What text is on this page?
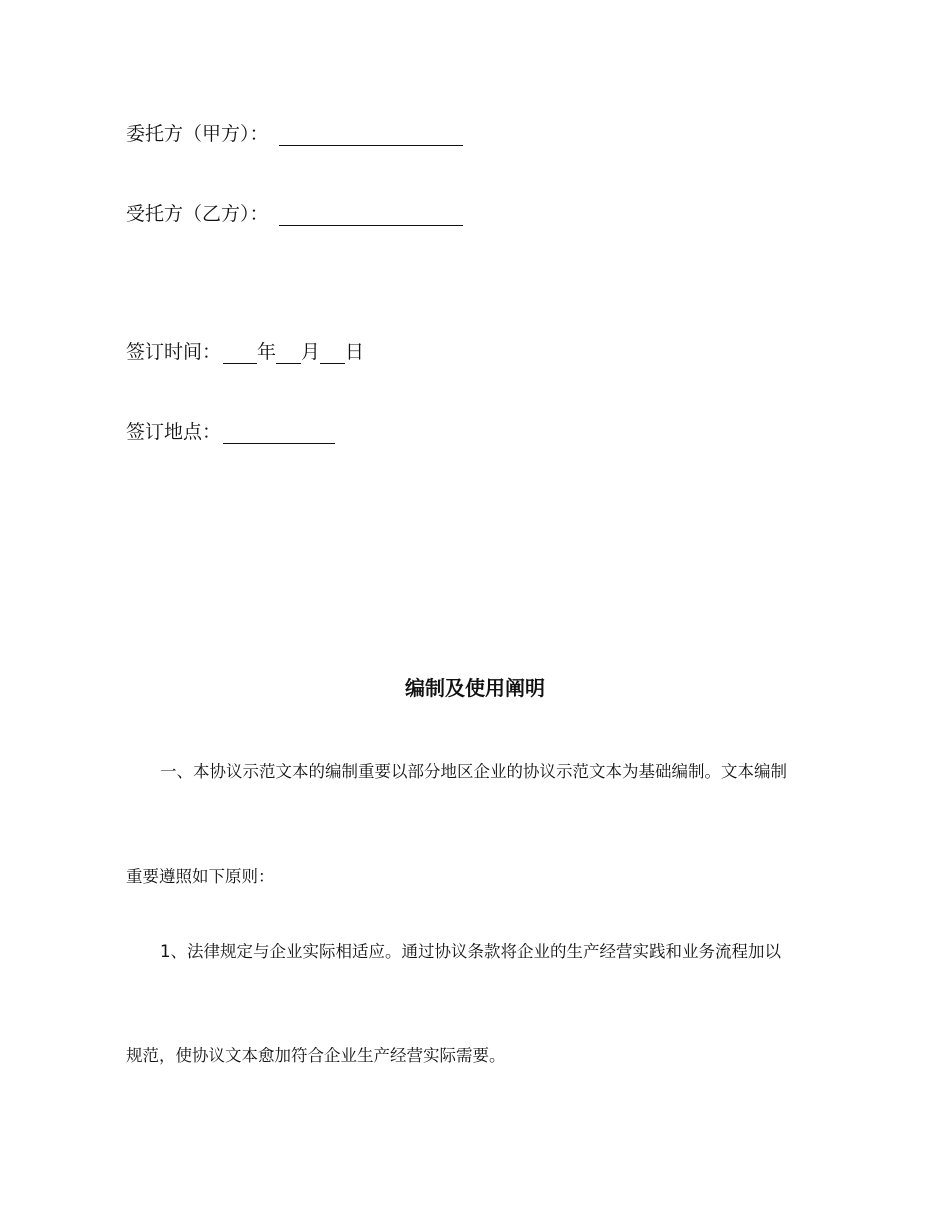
委托方（甲方）：
受托方（乙方）：
签订时间： 年 月 日
签订地点：
编制及使用阐明
一、本协议示范文本的编制重要以部分地区企业的协议示范文本为基础编制。文本编制
重要遵照如下原则：
1、法律规定与企业实际相适应。通过协议条款将企业的生产经营实践和业务流程加以
规范，使协议文本愈加符合企业生产经营实际需要。
